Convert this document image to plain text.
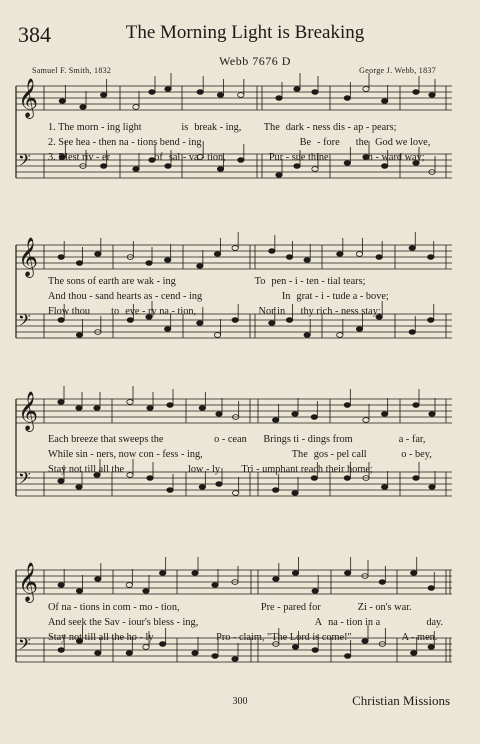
384	The Morning Light is Breaking
Webb 7676 D
Samuel F. Smith, 1832	George J. Webb, 1837
𝄞
𝄢
1. The morn - ing light	is break - ing, The dark - ness dis - ap - pears;
2. See hea - then na - tions bend - ing	Be - fore the God we love,
3. Blest riv - er	of sal - va - tion,	Pur - sue thine	on - ward way;
𝄞
𝄢
The sons of earth are wak - ing	To pen - i - ten - tial tears;
And thou - sand hearts as - cend - ing	In grat - i - tude a - bove;
Flow thou to eve - ry na - tion,	Nor in thy rich - ness stay;
𝄞
𝄢
Each breeze that sweeps the	o - cean Brings ti - dings from	a - far,
While sin - ners, now con - fess - ing,	The gos - pel call	o - bey,
Stay not till all the	low - ly Tri - umphant reach their home;
𝄞
𝄢
Of na - tions in com - mo - tion,	Pre - pared for	Zi - on's war.
And seek the Sav - iour's bless - ing,	A na - tion in a	day.
Stay not till all the ho - ly	Pro - claim, "The Lord is come!"	A - men.
300	Christian Missions
